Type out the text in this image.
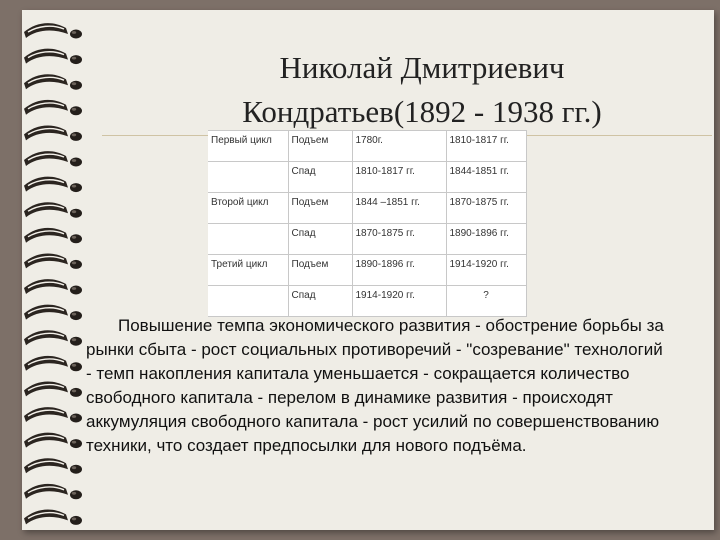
Николай Дмитриевич
Кондратьев(1892 - 1938 гг.)
Первый цикл	Подъем	1780г.	1810-1817 гг.
	Спад	1810-1817 гг.	1844-1851 гг.
Второй цикл	Подъем	1844 –1851 гг.	1870-1875 гг.
	Спад	1870-1875 гг.	1890-1896 гг.
Третий цикл	Подъем	1890-1896 гг.	1914-1920 гг.
	Спад	1914-1920 гг.	?
Повышение темпа экономического развития - обострение борьбы за рынки сбыта - рост социальных противоречий - "созревание" технологий - темп накопления капитала уменьшается - сокращается количество свободного капитала - перелом в динамике развития - происходят аккумуляция свободного капитала - рост усилий по совершенствованию техники, что создает предпосылки для нового подъёма.
